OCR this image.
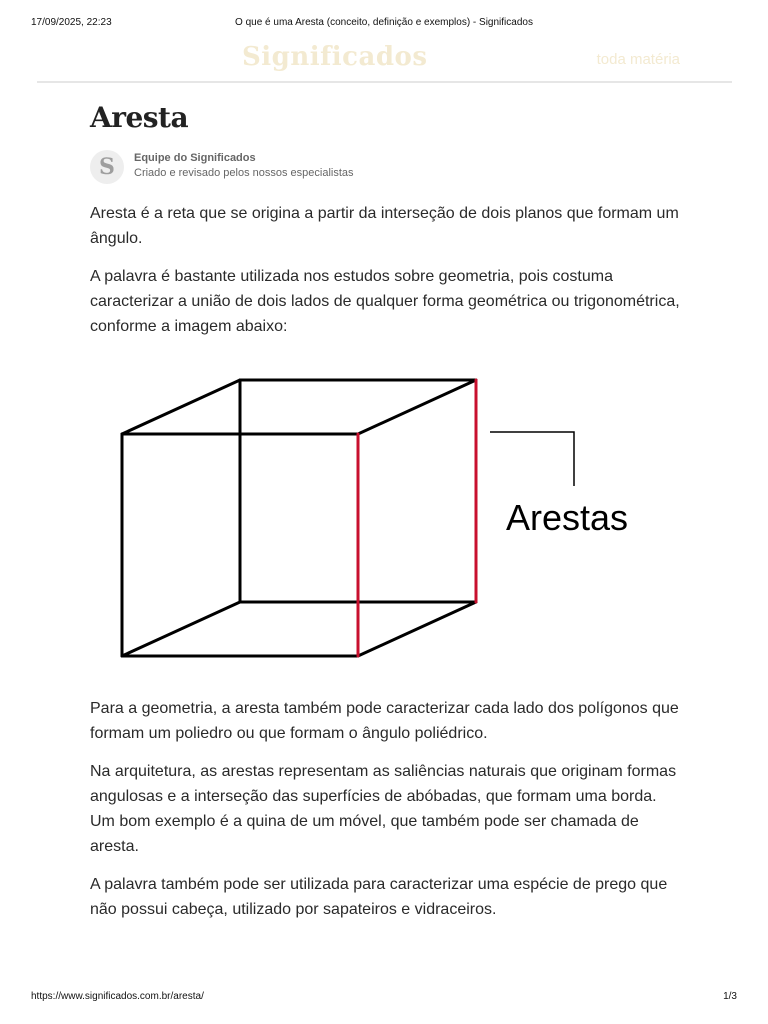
17/09/2025, 22:23	O que é uma Aresta (conceito, definição e exemplos) - Significados
Significados	toda matéria
Aresta
S	Equipe do Significados
Criado e revisado pelos nossos especialistas

Aresta é a reta que se origina a partir da interseção de dois planos que formam um ângulo.

A palavra é bastante utilizada nos estudos sobre geometria, pois costuma caracterizar a união de dois lados de qualquer forma geométrica ou trigonométrica, conforme a imagem abaixo:

Para a geometria, a aresta também pode caracterizar cada lado dos polígonos que formam um poliedro ou que formam o ângulo poliédrico.

Na arquitetura, as arestas representam as saliências naturais que originam formas angulosas e a interseção das superfícies de abóbadas, que formam uma borda. Um bom exemplo é a quina de um móvel, que também pode ser chamada de aresta.

A palavra também pode ser utilizada para caracterizar uma espécie de prego que não possui cabeça, utilizado por sapateiros e vidraceiros.

Arestas
https://www.significados.com.br/aresta/	1/3
